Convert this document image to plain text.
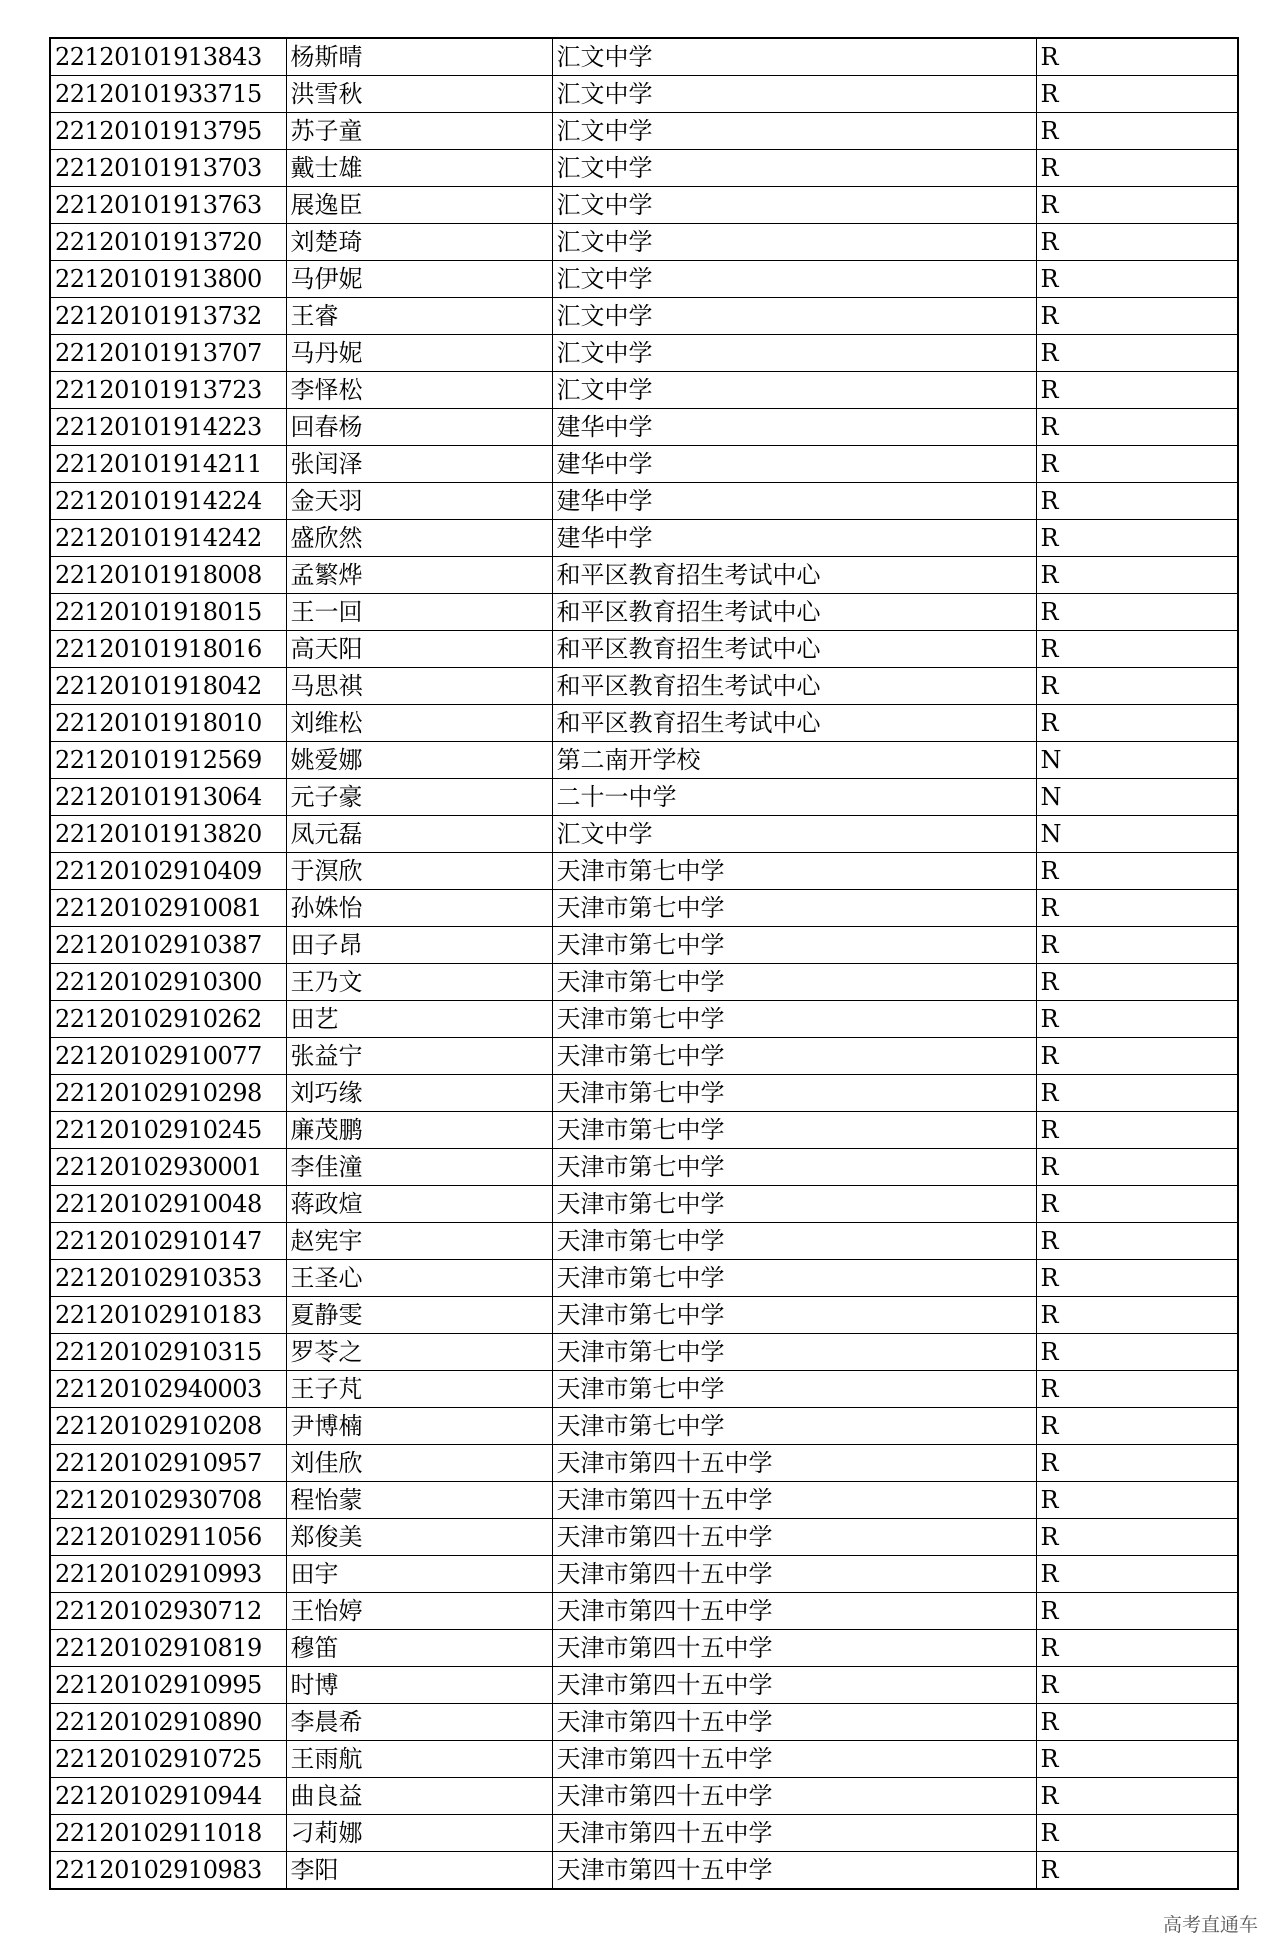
22120101913843	杨斯晴	汇文中学	R
22120101933715	洪雪秋	汇文中学	R
22120101913795	苏子童	汇文中学	R
22120101913703	戴士雄	汇文中学	R
22120101913763	展逸臣	汇文中学	R
22120101913720	刘楚琦	汇文中学	R
22120101913800	马伊妮	汇文中学	R
22120101913732	王睿	汇文中学	R
22120101913707	马丹妮	汇文中学	R
22120101913723	李怿松	汇文中学	R
22120101914223	回春杨	建华中学	R
22120101914211	张闰泽	建华中学	R
22120101914224	金天羽	建华中学	R
22120101914242	盛欣然	建华中学	R
22120101918008	孟繁烨	和平区教育招生考试中心	R
22120101918015	王一回	和平区教育招生考试中心	R
22120101918016	高天阳	和平区教育招生考试中心	R
22120101918042	马思祺	和平区教育招生考试中心	R
22120101918010	刘维松	和平区教育招生考试中心	R
22120101912569	姚爱娜	第二南开学校	N
22120101913064	元子豪	二十一中学	N
22120101913820	凤元磊	汇文中学	N
22120102910409	于溟欣	天津市第七中学	R
22120102910081	孙姝怡	天津市第七中学	R
22120102910387	田子昂	天津市第七中学	R
22120102910300	王乃文	天津市第七中学	R
22120102910262	田艺	天津市第七中学	R
22120102910077	张益宁	天津市第七中学	R
22120102910298	刘巧缘	天津市第七中学	R
22120102910245	廉茂鹏	天津市第七中学	R
22120102930001	李佳潼	天津市第七中学	R
22120102910048	蒋政煊	天津市第七中学	R
22120102910147	赵宪宇	天津市第七中学	R
22120102910353	王圣心	天津市第七中学	R
22120102910183	夏静雯	天津市第七中学	R
22120102910315	罗苓之	天津市第七中学	R
22120102940003	王子芃	天津市第七中学	R
22120102910208	尹博楠	天津市第七中学	R
22120102910957	刘佳欣	天津市第四十五中学	R
22120102930708	程怡蒙	天津市第四十五中学	R
22120102911056	郑俊美	天津市第四十五中学	R
22120102910993	田宇	天津市第四十五中学	R
22120102930712	王怡婷	天津市第四十五中学	R
22120102910819	穆笛	天津市第四十五中学	R
22120102910995	时博	天津市第四十五中学	R
22120102910890	李晨希	天津市第四十五中学	R
22120102910725	王雨航	天津市第四十五中学	R
22120102910944	曲良益	天津市第四十五中学	R
22120102911018	刁莉娜	天津市第四十五中学	R
22120102910983	李阳	天津市第四十五中学	R
高考直通车
